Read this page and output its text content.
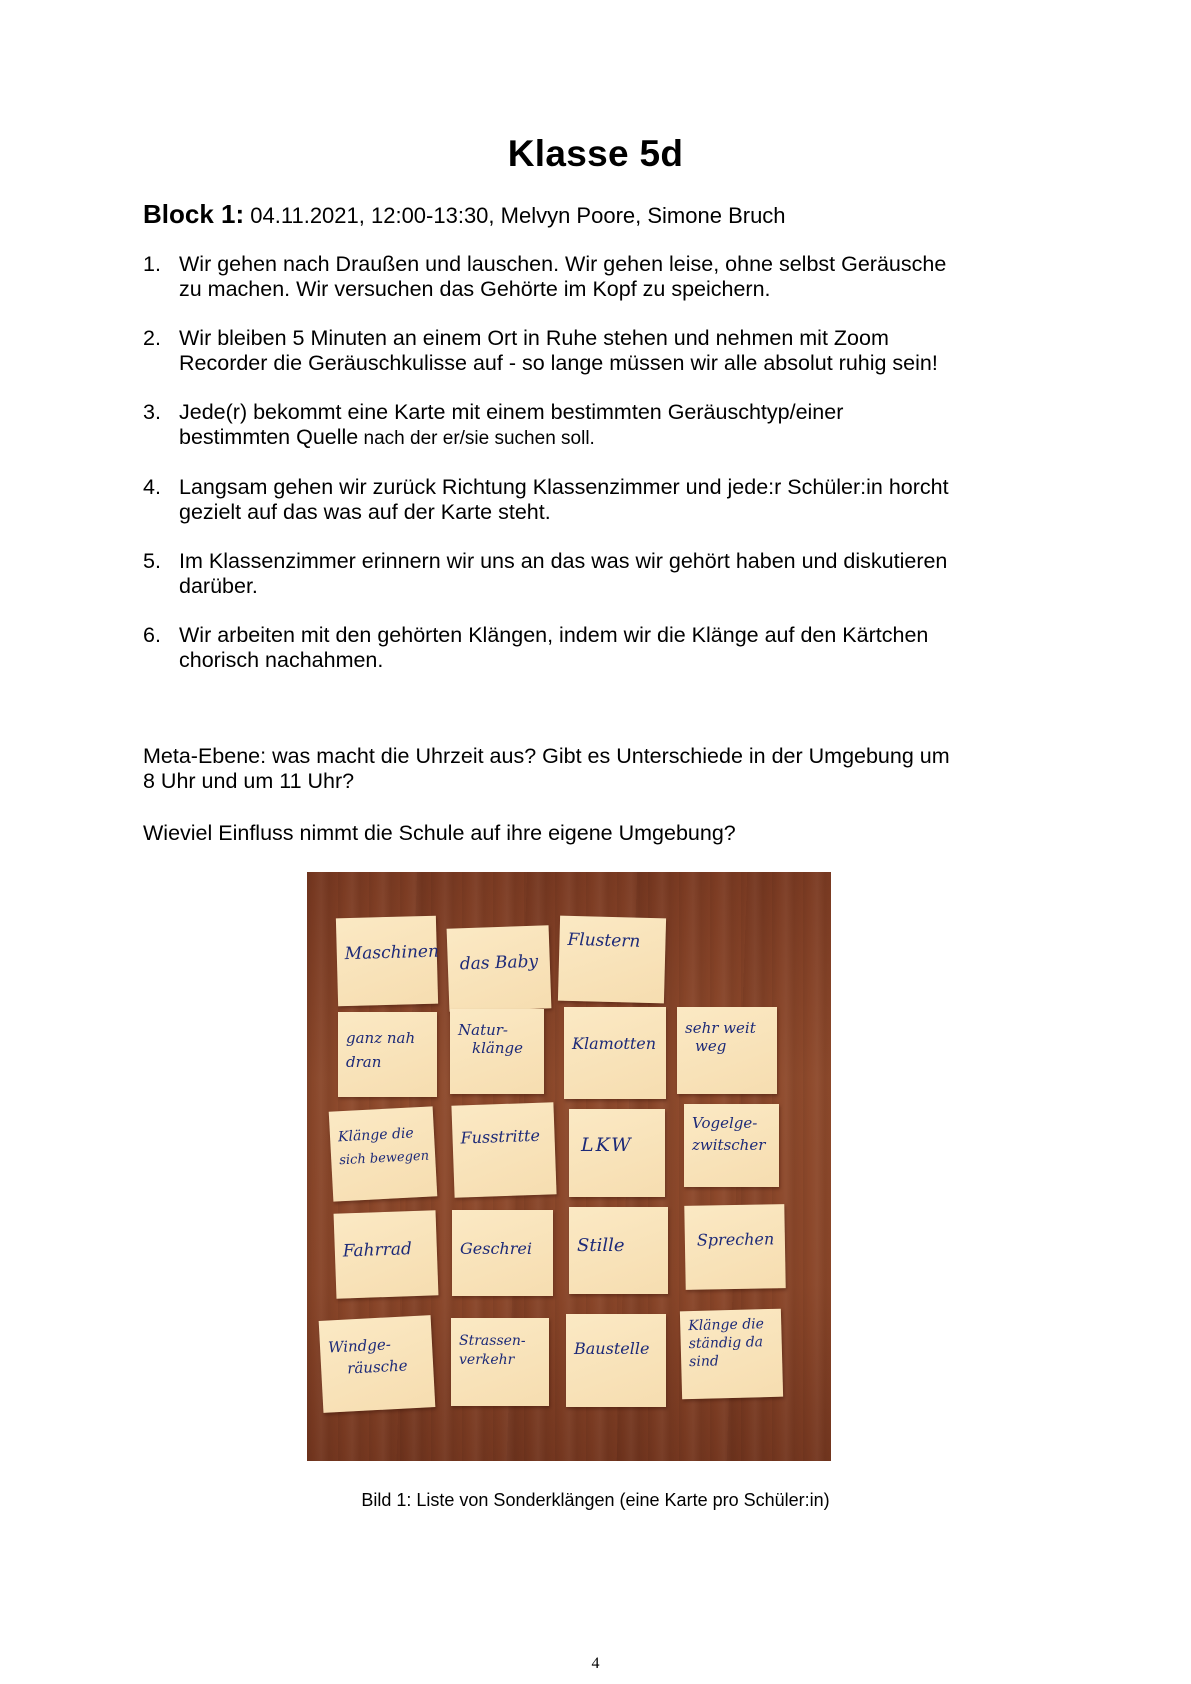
Klasse 5d

Block 1: 04.11.2021, 12:00-13:30, Melvyn Poore, Simone Bruch

1. Wir gehen nach Draußen und lauschen. Wir gehen leise, ohne selbst Geräusche
zu machen. Wir versuchen das Gehörte im Kopf zu speichern.
2. Wir bleiben 5 Minuten an einem Ort in Ruhe stehen und nehmen mit Zoom
Recorder die Geräuschkulisse auf - so lange müssen wir alle absolut ruhig sein!
3. Jede(r) bekommt eine Karte mit einem bestimmten Geräuschtyp/einer
bestimmten Quelle nach der er/sie suchen soll.
4. Langsam gehen wir zurück Richtung Klassenzimmer und jede:r Schüler:in horcht
gezielt auf das was auf der Karte steht.
5. Im Klassenzimmer erinnern wir uns an das was wir gehört haben und diskutieren
darüber.
6. Wir arbeiten mit den gehörten Klängen, indem wir die Klänge auf den Kärtchen
chorisch nachahmen.

Meta-Ebene: was macht die Uhrzeit aus? Gibt es Unterschiede in der Umgebung um
8 Uhr und um 11 Uhr?

Wieviel Einfluss nimmt die Schule auf ihre eigene Umgebung?

Maschinen das Baby
Flustern
ganz nah
dran
Natur-
klänge	Klamotten
sehr weit
weg
Klänge die
sich bewegen
Fusstritte	LKW
Vogelge-
zwitscher
Fahrrad	Geschrei	Stille	Sprechen
Windge-
räusche
Strassen-
verkehr
Baustelle
Klänge die
ständig da
sind

Bild 1: Liste von Sonderklängen (eine Karte pro Schüler:in)

4
